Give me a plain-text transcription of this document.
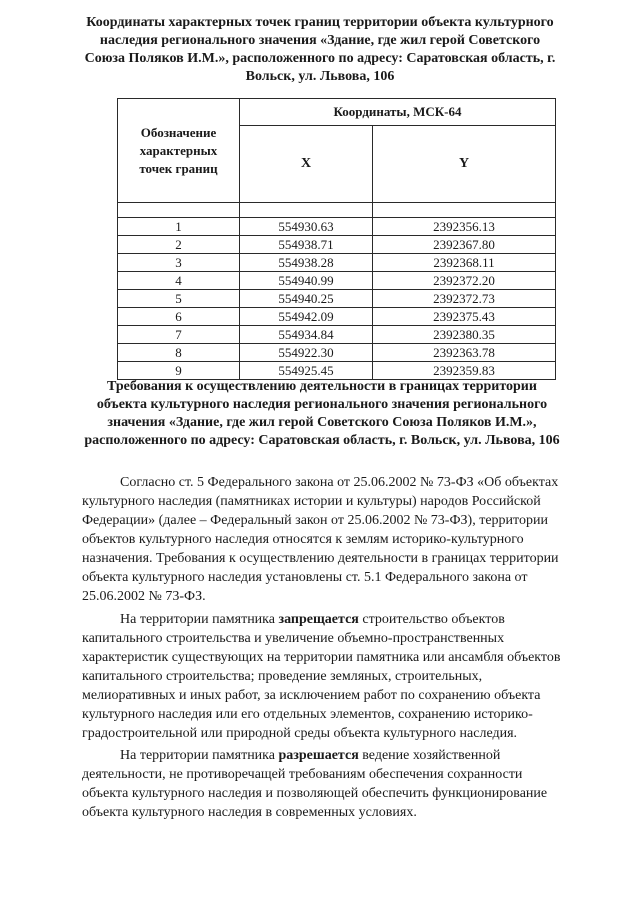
Координаты характерных точек границ территории объекта культурного
наследия регионального значения «Здание, где жил герой Советского
Союза Поляков И.М.», расположенного по адресу: Саратовская область, г.
Вольск, ул. Львова, 106
Обозначение
характерных
точек границ	Координаты, МСК-64	
	X	Y

1	554930.63	2392356.13
2	554938.71	2392367.80
3	554938.28	2392368.11
4	554940.99	2392372.20
5	554940.25	2392372.73
6	554942.09	2392375.43
7	554934.84	2392380.35
8	554922.30	2392363.78
9	554925.45	2392359.83
Требования к осуществлению деятельности в границах территории
объекта культурного наследия регионального значения регионального
значения «Здание, где жил герой Советского Союза Поляков И.М.»,
расположенного по адресу: Саратовская область, г. Вольск, ул. Львова, 106
Согласно ст. 5 Федерального закона от 25.06.2002 № 73-ФЗ «Об объектах
культурного наследия (памятниках истории и культуры) народов Российской
Федерации» (далее – Федеральный закон от 25.06.2002 № 73-ФЗ), территории
объектов культурного наследия относятся к землям историко-культурного
назначения. Требования к осуществлению деятельности в границах территории
объекта культурного наследия установлены ст. 5.1 Федерального закона от
25.06.2002 № 73-ФЗ.
На территории памятника запрещается строительство объектов
капитального строительства и увеличение объемно-пространственных
характеристик существующих на территории памятника или ансамбля объектов
капитального строительства; проведение земляных, строительных,
мелиоративных и иных работ, за исключением работ по сохранению объекта
культурного наследия или его отдельных элементов, сохранению историко-
градостроительной или природной среды объекта культурного наследия.
На территории памятника разрешается ведение хозяйственной
деятельности, не противоречащей требованиям обеспечения сохранности
объекта культурного наследия и позволяющей обеспечить функционирование
объекта культурного наследия в современных условиях.
